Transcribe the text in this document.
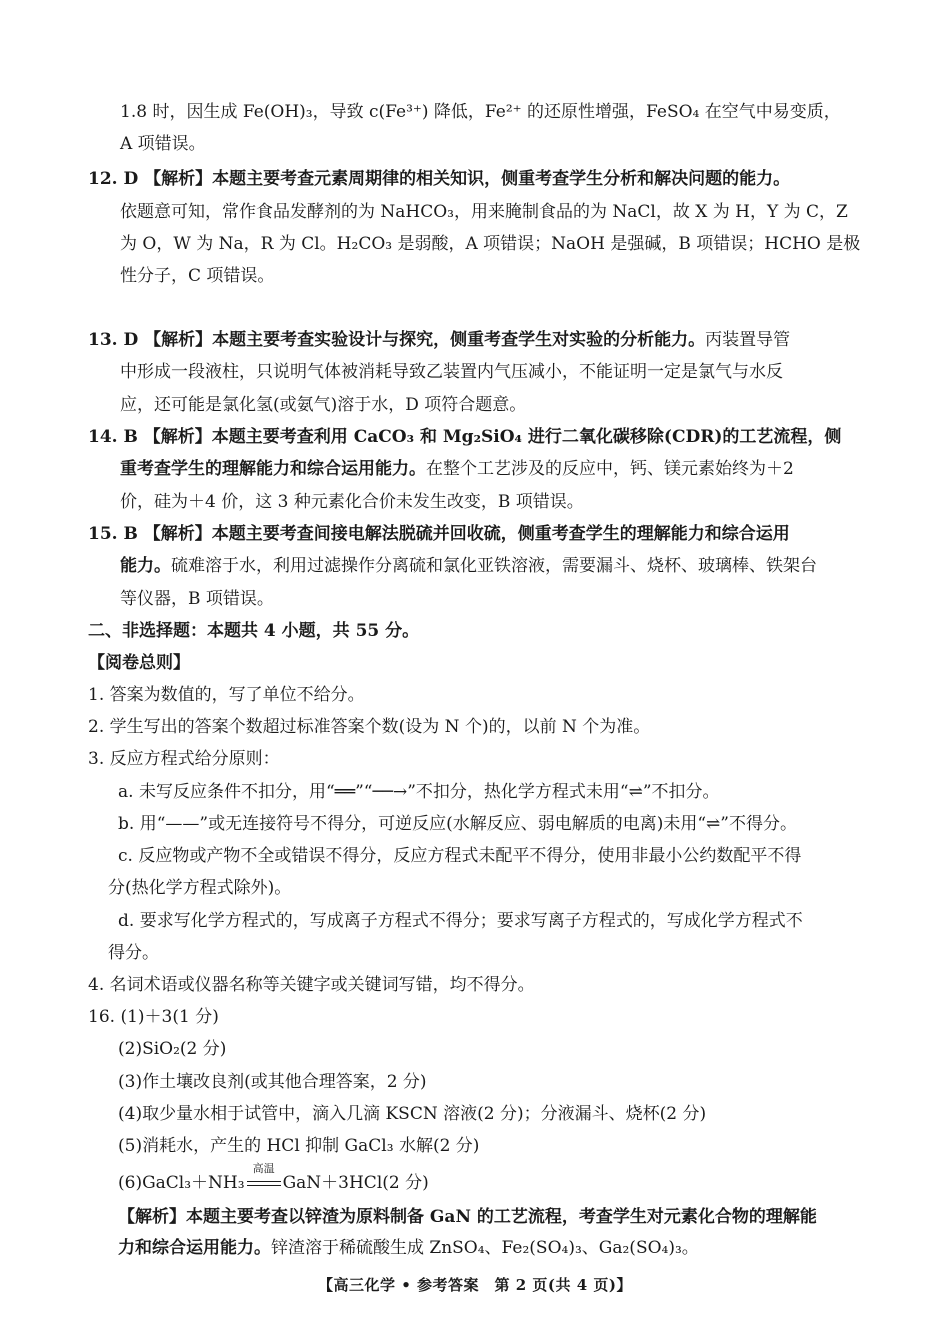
1.8 时，因生成 Fe(OH)₃，导致 c(Fe³⁺) 降低，Fe²⁺ 的还原性增强，FeSO₄ 在空气中易变质，

A 项错误。

12. D 【解析】本题主要考查元素周期律的相关知识，侧重考查学生分析和解决问题的能力。

依题意可知，常作食品发酵剂的为 NaHCO₃，用来腌制食品的为 NaCl，故 X 为 H，Y 为 C，Z

为 O，W 为 Na，R 为 Cl。H₂CO₃ 是弱酸，A 项错误；NaOH 是强碱，B 项错误；HCHO 是极

性分子，C 项错误。

13. D 【解析】本题主要考查实验设计与探究，侧重考查学生对实验的分析能力。丙装置导管

中形成一段液柱，只说明气体被消耗导致乙装置内气压减小，不能证明一定是氯气与水反

应，还可能是氯化氢(或氨气)溶于水，D 项符合题意。

14. B 【解析】本题主要考查利用 CaCO₃ 和 Mg₂SiO₄ 进行二氧化碳移除(CDR)的工艺流程，侧

重考查学生的理解能力和综合运用能力。在整个工艺涉及的反应中，钙、镁元素始终为＋2

价，硅为＋4 价，这 3 种元素化合价未发生改变，B 项错误。

15. B 【解析】本题主要考查间接电解法脱硫并回收硫，侧重考查学生的理解能力和综合运用

能力。硫难溶于水，利用过滤操作分离硫和氯化亚铁溶液，需要漏斗、烧杯、玻璃棒、铁架台

等仪器，B 项错误。

二、非选择题：本题共 4 小题，共 55 分。

【阅卷总则】

1. 答案为数值的，写了单位不给分。

2. 学生写出的答案个数超过标准答案个数(设为 N 个)的，以前 N 个为准。

3. 反应方程式给分原则：

a. 未写反应条件不扣分，用“══”“──→”不扣分，热化学方程式未用“⇌”不扣分。

b. 用“——”或无连接符号不得分，可逆反应(水解反应、弱电解质的电离)未用“⇌”不得分。

c. 反应物或产物不全或错误不得分，反应方程式未配平不得分，使用非最小公约数配平不得

分(热化学方程式除外)。

d. 要求写化学方程式的，写成离子方程式不得分；要求写离子方程式的，写成化学方程式不

得分。

4. 名词术语或仪器名称等关键字或关键词写错，均不得分。

16. (1)＋3(1 分)

(2)SiO₂(2 分)

(3)作土壤改良剂(或其他合理答案，2 分)

(4)取少量水相于试管中，滴入几滴 KSCN 溶液(2 分)；分液漏斗、烧杯(2 分)

(5)消耗水，产生的 HCl 抑制 GaCl₃ 水解(2 分)

(6)GaCl₃＋NH₃
高温
GaN＋3HCl(2 分)

【解析】本题主要考查以锌渣为原料制备 GaN 的工艺流程，考查学生对元素化合物的理解能

力和综合运用能力。锌渣溶于稀硫酸生成 ZnSO₄、Fe₂(SO₄)₃、Ga₂(SO₄)₃。

【高三化学 • 参考答案　第 2 页(共 4 页)】
